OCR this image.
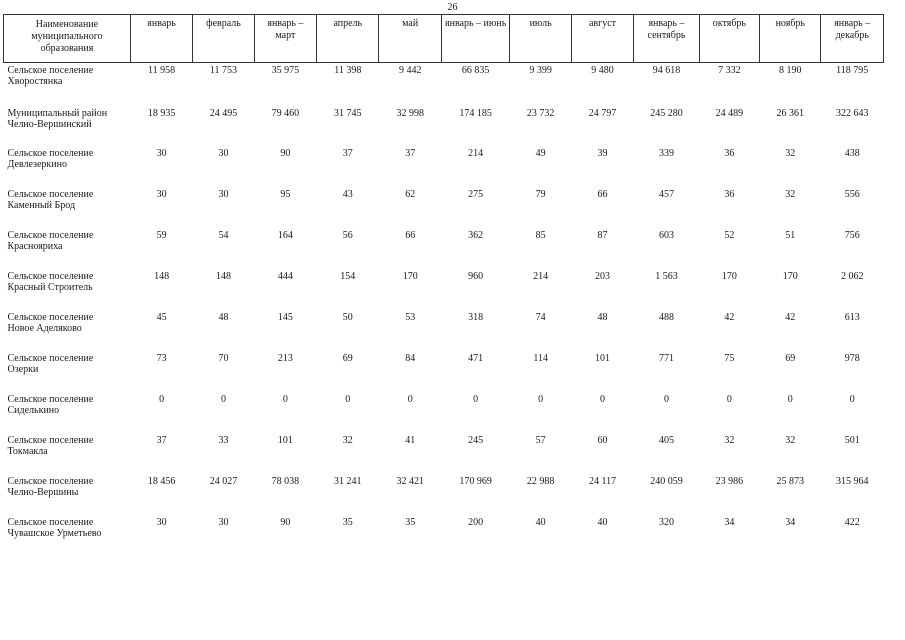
26
Наименование муниципального образования	январь	февраль	январь – март	апрель	май	январь – июнь	июль	август	январь – сентябрь	октябрь	ноябрь	январь – декабрь

Сельское поселение
Хворостянка	11 958	11 753	35 975	11 398	9 442	66 835	9 399	9 480	94 618	7 332	8 190	118 795

Муниципальный район
Челно-Вершинский	18 935	24 495	79 460	31 745	32 998	174 185	23 732	24 797	245 280	24 489	26 361	322 643

Сельское поселение
Девлезеркино	30	30	90	37	37	214	49	39	339	36	32	438

Сельское поселение
Каменный Брод	30	30	95	43	62	275	79	66	457	36	32	556

Сельское поселение
Краснояриха	59	54	164	56	66	362	85	87	603	52	51	756

Сельское поселение
Красный Строитель	148	148	444	154	170	960	214	203	1 563	170	170	2 062

Сельское поселение
Новое Аделяково	45	48	145	50	53	318	74	48	488	42	42	613

Сельское поселение
Озерки	73	70	213	69	84	471	114	101	771	75	69	978

Сельское поселение
Сиделькино	0	0	0	0	0	0	0	0	0	0	0	0

Сельское поселение
Токмакла	37	33	101	32	41	245	57	60	405	32	32	501

Сельское поселение
Челно-Вершины	18 456	24 027	78 038	31 241	32 421	170 969	22 988	24 117	240 059	23 986	25 873	315 964

Сельское поселение
Чувашское Урметьево	30	30	90	35	35	200	40	40	320	34	34	422
